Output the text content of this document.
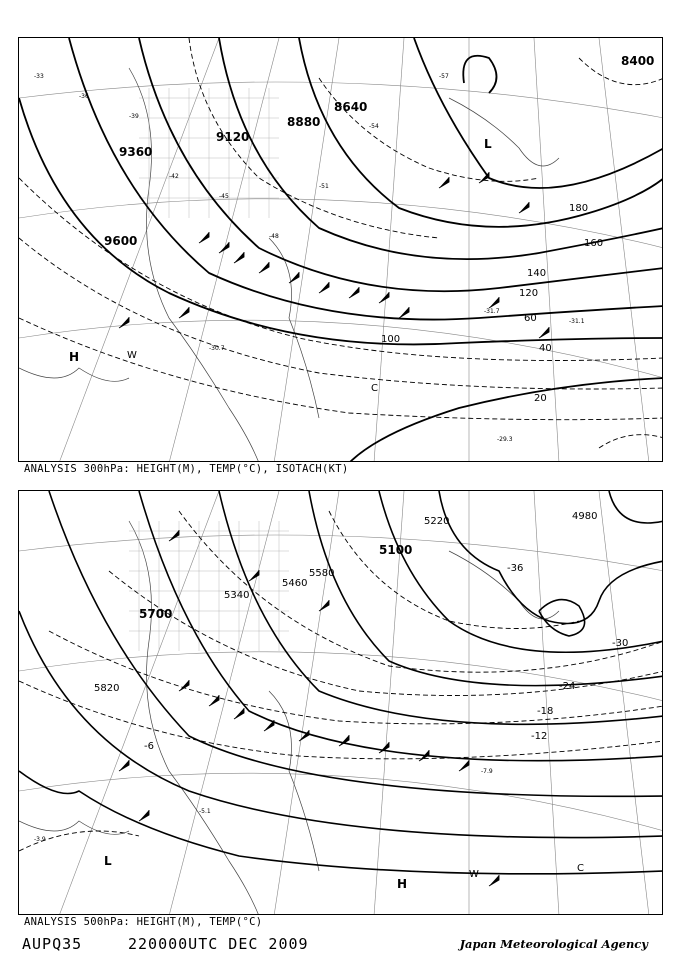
8400
8640
8880
9120
9360
9600
20
40
60
100
120
140
160
180
-33
-36
-39
-42
-45
-48
-51
-54
-57
-30.7
-31.1
-31.7
-29.3
H
L
W
C
ANALYSIS 300hPa: HEIGHT(M), TEMP(°C), ISOTACH(KT)
4980
5100
5220
5340
5460
5580
5700
5820
-6
-12
-18
-24
-30
-36
-7.9
-5.1
-3.9
H
L
W
C
ANALYSIS 500hPa: HEIGHT(M), TEMP(°C)
AUPQ35	220000UTC DEC 2009	Japan Meteorological Agency
